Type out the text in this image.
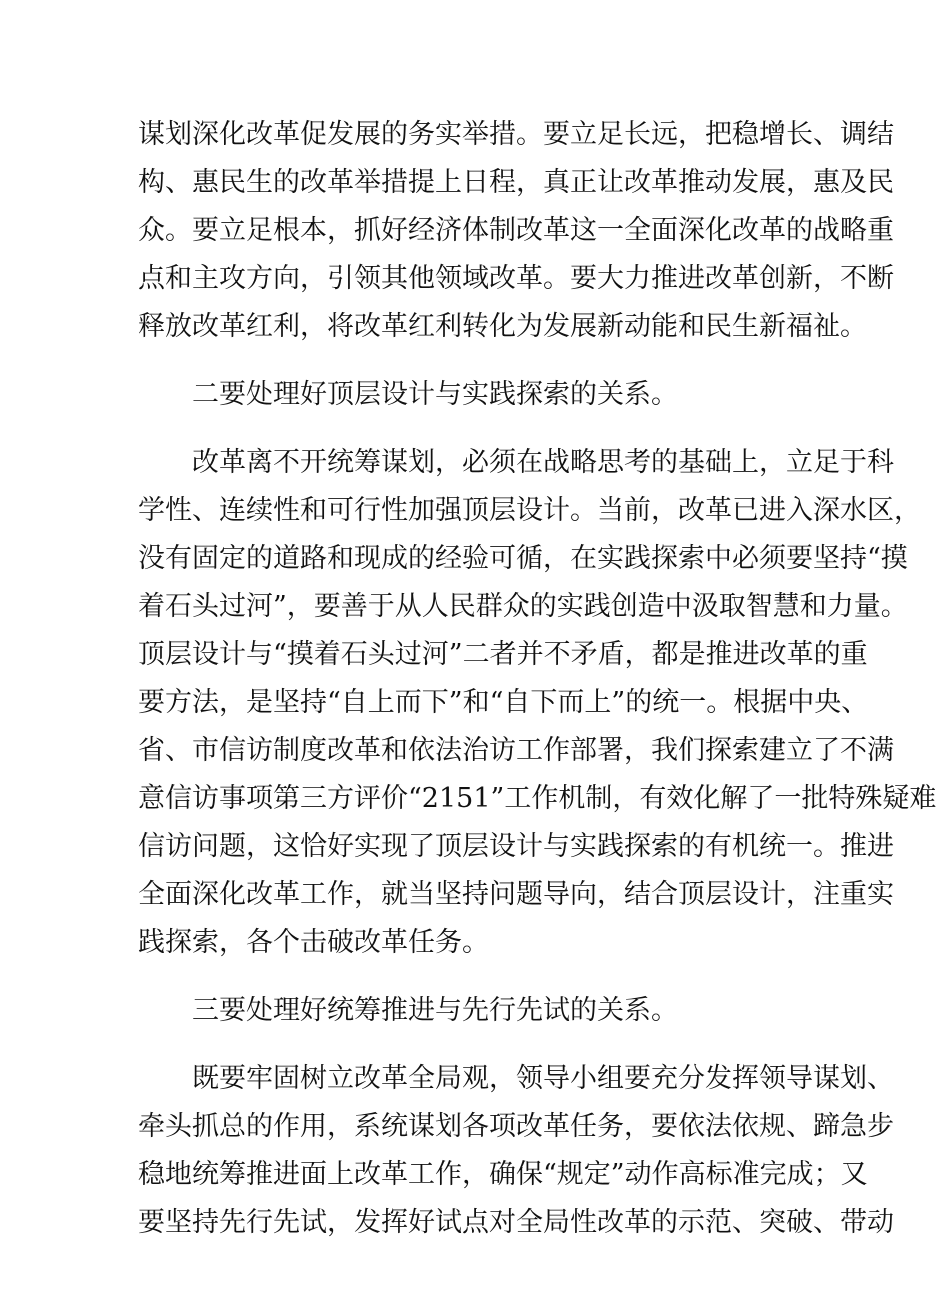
谋划深化改革促发展的务实举措。要立足长远，把稳增长、调结
构、惠民生的改革举措提上日程，真正让改革推动发展，惠及民
众。要立足根本，抓好经济体制改革这一全面深化改革的战略重
点和主攻方向，引领其他领域改革。要大力推进改革创新，不断
释放改革红利，将改革红利转化为发展新动能和民生新福祉。
二要处理好顶层设计与实践探索的关系。
改革离不开统筹谋划，必须在战略思考的基础上，立足于科
学性、连续性和可行性加强顶层设计。当前，改革已进入深水区，
没有固定的道路和现成的经验可循，在实践探索中必须要坚持“摸
着石头过河”，要善于从人民群众的实践创造中汲取智慧和力量。
顶层设计与“摸着石头过河”二者并不矛盾，都是推进改革的重
要方法，是坚持“自上而下”和“自下而上”的统一。根据中央、
省、市信访制度改革和依法治访工作部署，我们探索建立了不满
意信访事项第三方评价“2151”工作机制，有效化解了一批特殊疑难
信访问题，这恰好实现了顶层设计与实践探索的有机统一。推进
全面深化改革工作，就当坚持问题导向，结合顶层设计，注重实
践探索，各个击破改革任务。
三要处理好统筹推进与先行先试的关系。
既要牢固树立改革全局观，领导小组要充分发挥领导谋划、
牵头抓总的作用，系统谋划各项改革任务，要依法依规、蹄急步
稳地统筹推进面上改革工作，确保“规定”动作高标准完成；又
要坚持先行先试，发挥好试点对全局性改革的示范、突破、带动
